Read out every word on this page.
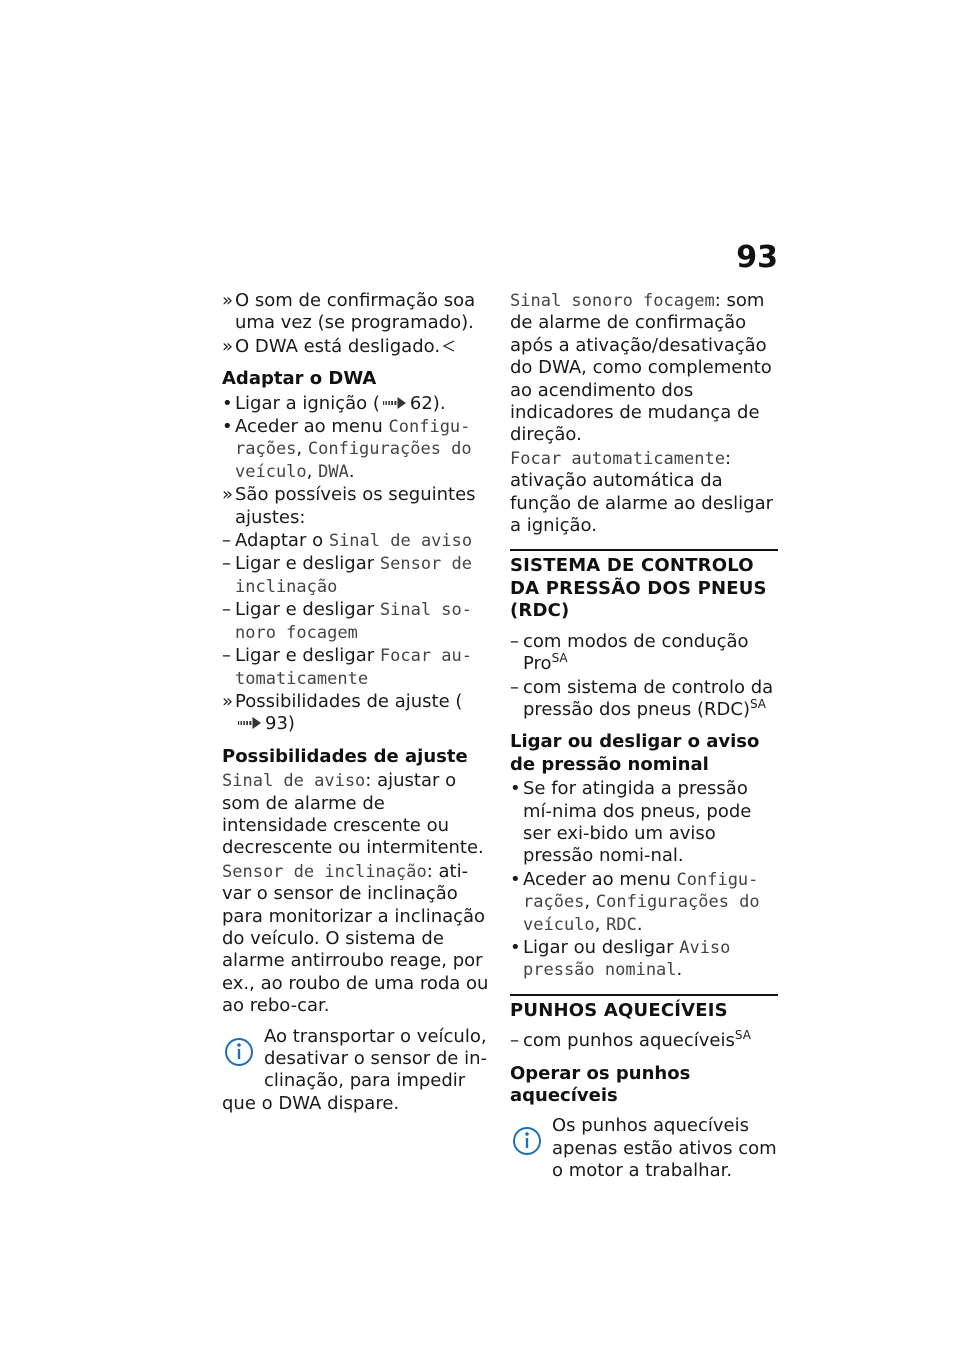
93
» O som de confirmação soa uma vez (se programado).
» O DWA está desligado.
Adaptar o DWA
• Ligar a ignição ( 62).
• Aceder ao menu Configu-rações, Configurações do veículo, DWA.
» São possíveis os seguintes ajustes:
– Adaptar o Sinal de aviso
– Ligar e desligar Sensor de inclinação
– Ligar e desligar Sinal so-noro focagem
– Ligar e desligar Focar au-tomaticamente
» Possibilidades de ajuste (93)
Possibilidades de ajuste

Sinal de aviso: ajustar o som de alarme de intensidade crescente ou decrescente ou intermitente.

Sensor de inclinação: ati-var o sensor de inclinação para monitorizar a inclinação do veículo. O sistema de alarme antirroubo reage, por ex., ao roubo de uma roda ou ao rebo-car.

Ao transportar o veículo, desativar o sensor de in-clinação, para impedir que o DWA dispare.

Sinal sonoro focagem: som de alarme de confirmação após a ativação/desativação do DWA, como complemento ao acendimento dos indicadores de mudança de direção.

Focar automaticamente: ativação automática da função de alarme ao desligar a ignição.

SISTEMA DE CONTROLO DA PRESSÃO DOS PNEUS (RDC)
– com modos de condução Pro$^{SA}$
– com sistema de controlo da pressão dos pneus (RDC)$^{SA}$
Ligar ou desligar o aviso de pressão nominal
• Se for atingida a pressão mí-nima dos pneus, pode ser exi-bido um aviso pressão nomi-nal.
• Aceder ao menu Configu-rações, Configurações do veículo, RDC.
• Ligar ou desligar Aviso pressão nominal.
PUNHOS AQUECÍVEIS
– com punhos aquecíveis$^{SA}$
Operar os punhos aquecíveis
Os punhos aquecíveis apenas estão ativos com o motor a trabalhar.
